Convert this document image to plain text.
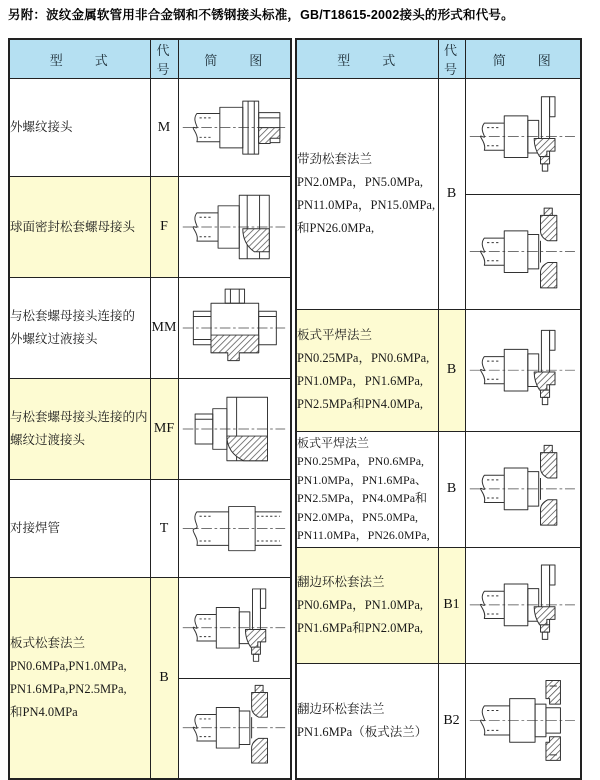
另附：波纹金属软管用非合金钢和不锈钢接头标准，GB/T18615-2002接头的形式和代号。
型　　式	代号	简　　图

外螺纹接头	M	

球面密封松套螺母接头	F	

与松套螺母接头连接的
外螺纹过液接头	MM	

与松套螺母接头连接的内
螺纹过渡接头	MF	

对接焊管	T	

板式松套法兰
PN0.6MPa,PN1.0MPa,
PN1.6MPa,PN2.5MPa,
和PN4.0MPa	B	
型　　式	代号	简　　图

带劲松套法兰
PN2.0MPa，PN5.0MPa,
PN11.0MPa，PN15.0MPa,
和PN26.0MPa,	B	

板式平焊法兰
PN0.25MPa，PN0.6MPa,
PN1.0MPa，PN1.6MPa,
PN2.5MPa和PN4.0MPa,	B	

板式平焊法兰
PN0.25MPa，PN0.6MPa,
PN1.0MPa，PN1.6MPa、
PN2.5MPa，PN4.0MPa和
PN2.0MPa，PN5.0MPa,
PN11.0MPa，PN26.0MPa,
	B	

翻边环松套法兰
PN0.6MPa，PN1.0MPa,
PN1.6MPa和PN2.0MPa,	B1	

翻边环松套法兰
PN1.6MPa（板式法兰）	B2	
